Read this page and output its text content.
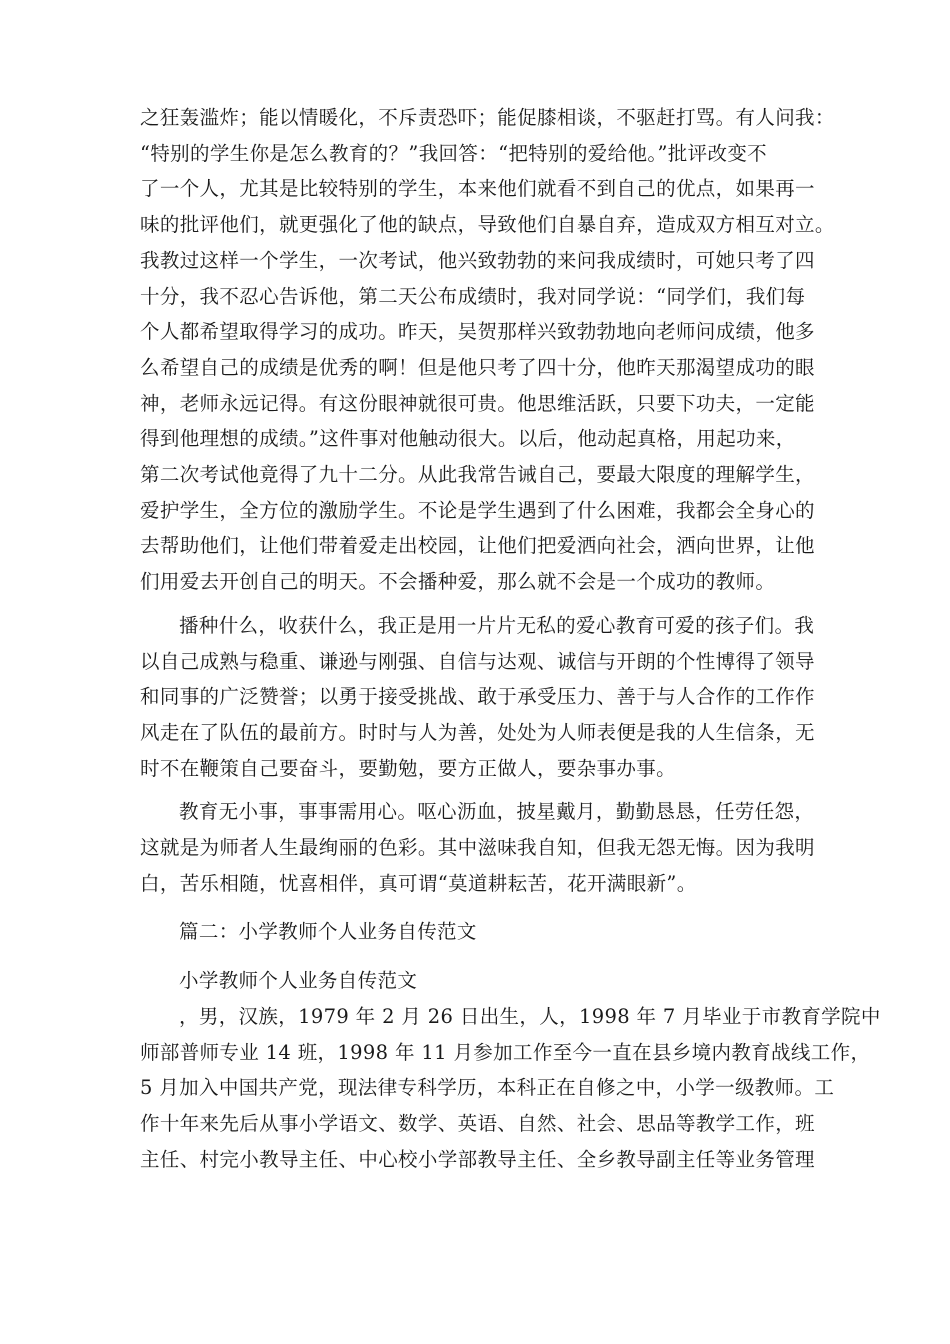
之狂轰滥炸；能以情暖化，不斥责恐吓；能促膝相谈，不驱赶打骂。有人问我：
“特别的学生你是怎么教育的？”我回答：“把特别的爱给他。”批评改变不
了一个人，尤其是比较特别的学生，本来他们就看不到自己的优点，如果再一
味的批评他们，就更强化了他的缺点，导致他们自暴自弃，造成双方相互对立。
我教过这样一个学生，一次考试，他兴致勃勃的来问我成绩时，可她只考了四
十分，我不忍心告诉他，第二天公布成绩时，我对同学说：“同学们，我们每
个人都希望取得学习的成功。昨天，吴贺那样兴致勃勃地向老师问成绩，他多
么希望自己的成绩是优秀的啊！但是他只考了四十分，他昨天那渴望成功的眼
神，老师永远记得。有这份眼神就很可贵。他思维活跃，只要下功夫，一定能
得到他理想的成绩。”这件事对他触动很大。以后，他动起真格，用起功来，
第二次考试他竟得了九十二分。从此我常告诫自己，要最大限度的理解学生，
爱护学生，全方位的激励学生。不论是学生遇到了什么困难，我都会全身心的
去帮助他们，让他们带着爱走出校园，让他们把爱洒向社会，洒向世界，让他
们用爱去开创自己的明天。不会播种爱，那么就不会是一个成功的教师。
播种什么，收获什么，我正是用一片片无私的爱心教育可爱的孩子们。我
以自己成熟与稳重、谦逊与刚强、自信与达观、诚信与开朗的个性博得了领导
和同事的广泛赞誉；以勇于接受挑战、敢于承受压力、善于与人合作的工作作
风走在了队伍的最前方。时时与人为善，处处为人师表便是我的人生信条，无
时不在鞭策自己要奋斗，要勤勉，要方正做人，要杂事办事。
教育无小事，事事需用心。呕心沥血，披星戴月，勤勤恳恳，任劳任怨，
这就是为师者人生最绚丽的色彩。其中滋味我自知，但我无怨无悔。因为我明
白，苦乐相随，忧喜相伴，真可谓“莫道耕耘苦，花开满眼新”。
篇二：小学教师个人业务自传范文
小学教师个人业务自传范文
，男，汉族，1979 年 2 月 26 日出生，人，1998 年 7 月毕业于市教育学院中
师部普师专业 14 班，1998 年 11 月参加工作至今一直在县乡境内教育战线工作，
5 月加入中国共产党，现法律专科学历，本科正在自修之中，小学一级教师。工
作十年来先后从事小学语文、数学、英语、自然、社会、思品等教学工作，班
主任、村完小教导主任、中心校小学部教导主任、全乡教导副主任等业务管理
